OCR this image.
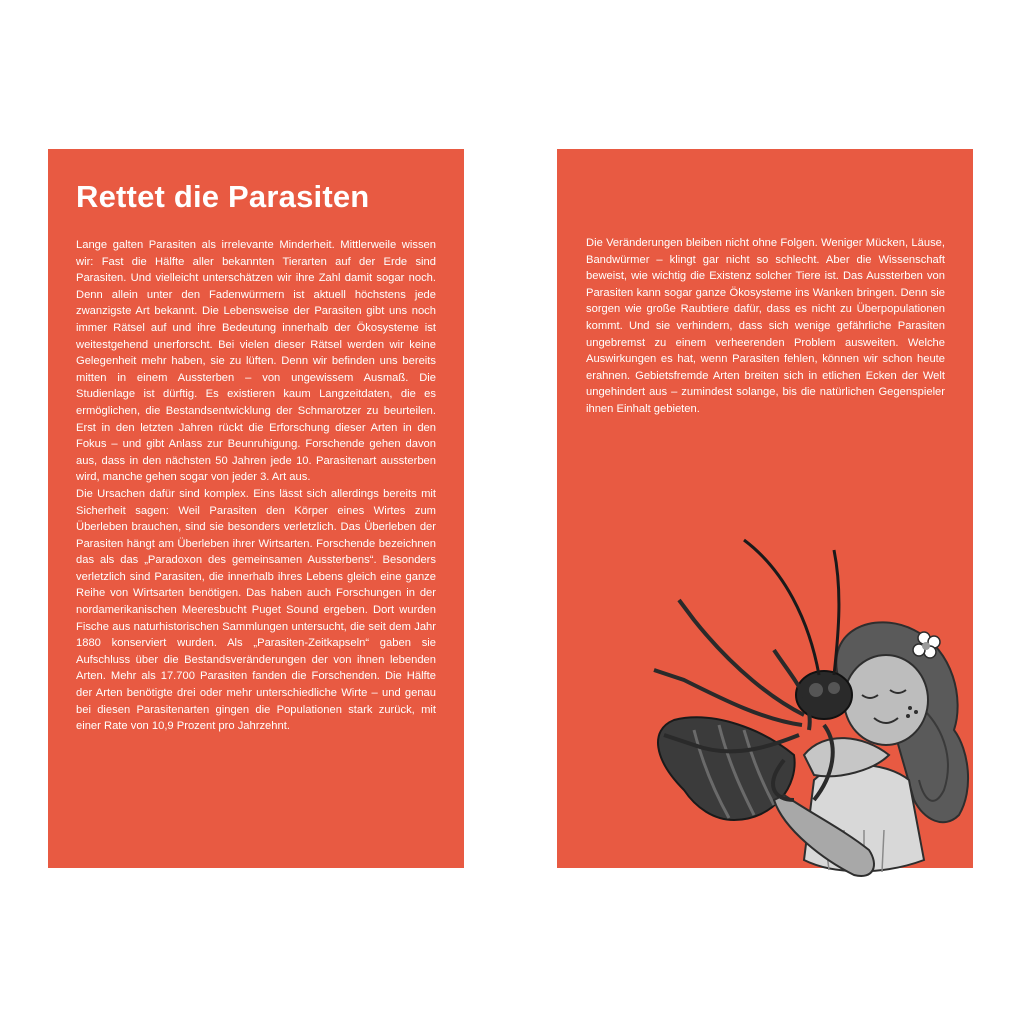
Rettet die Parasiten

Lange galten Parasiten als irrelevante Minderheit. Mittlerweile wissen wir: Fast die Hälfte aller bekannten Tierarten auf der Erde sind Parasiten. Und vielleicht unterschätzen wir ihre Zahl damit sogar noch. Denn allein unter den Fadenwürmern ist aktuell höchstens jede zwanzigste Art bekannt. Die Lebensweise der Parasiten gibt uns noch immer Rätsel auf und ihre Bedeutung innerhalb der Ökosysteme ist weitestgehend unerforscht. Bei vielen dieser Rätsel werden wir keine Gelegenheit mehr haben, sie zu lüften. Denn wir befinden uns bereits mitten in einem Aussterben – von ungewissem Ausmaß. Die Studienlage ist dürftig. Es existieren kaum Langzeitdaten, die es ermöglichen, die Bestandsentwicklung der Schmarotzer zu beurteilen. Erst in den letzten Jahren rückt die Erforschung dieser Arten in den Fokus – und gibt Anlass zur Beunruhigung. Forschende gehen davon aus, dass in den nächsten 50 Jahren jede 10. Parasitenart aussterben wird, manche gehen sogar von jeder 3. Art aus.

Die Ursachen dafür sind komplex. Eins lässt sich allerdings bereits mit Sicherheit sagen: Weil Parasiten den Körper eines Wirtes zum Überleben brauchen, sind sie besonders verletzlich. Das Überleben der Parasiten hängt am Überleben ihrer Wirtsarten. Forschende bezeichnen das als das „Paradoxon des gemeinsamen Aussterbens“. Besonders verletzlich sind Parasiten, die innerhalb ihres Lebens gleich eine ganze Reihe von Wirtsarten benötigen. Das haben auch Forschungen in der nordamerikanischen Meeresbucht Puget Sound ergeben. Dort wurden Fische aus naturhistorischen Sammlungen untersucht, die seit dem Jahr 1880 konserviert wurden. Als „Parasiten-Zeitkapseln“ gaben sie Aufschluss über die Bestandsveränderungen der von ihnen lebenden Arten. Mehr als 17.700 Parasiten fanden die Forschenden. Die Hälfte der Arten benötigte drei oder mehr unterschiedliche Wirte – und genau bei diesen Parasitenarten gingen die Populationen stark zurück, mit einer Rate von 10,9 Prozent pro Jahrzehnt.

Die Veränderungen bleiben nicht ohne Folgen. Weniger Mücken, Läuse, Bandwürmer – klingt gar nicht so schlecht. Aber die Wissenschaft beweist, wie wichtig die Existenz solcher Tiere ist. Das Aussterben von Parasiten kann sogar ganze Ökosysteme ins Wanken bringen. Denn sie sorgen wie große Raubtiere dafür, dass es nicht zu Überpopulationen kommt. Und sie verhindern, dass sich wenige gefährliche Parasiten ungebremst zu einem verheerenden Problem ausweiten. Welche Auswirkungen es hat, wenn Parasiten fehlen, können wir schon heute erahnen. Gebietsfremde Arten breiten sich in etlichen Ecken der Welt ungehindert aus – zumindest solange, bis die natürlichen Gegenspieler ihnen Einhalt gebieten.
